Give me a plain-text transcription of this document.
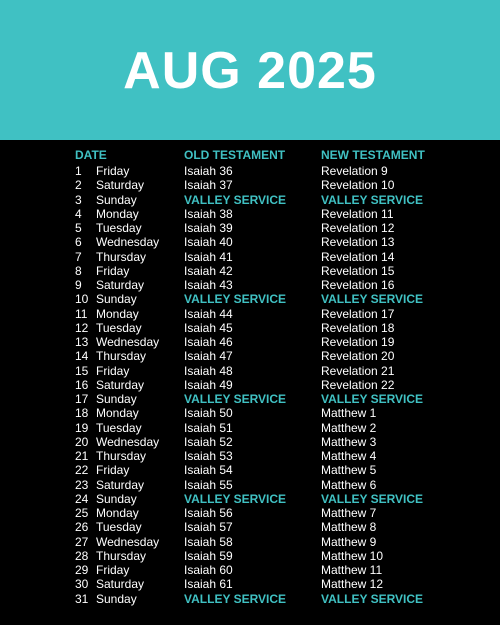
AUG 2025
DATE	OLD TESTAMENT	NEW TESTAMENT
1 Friday	Isaiah 36	Revelation 9
2 Saturday	Isaiah 37	Revelation 10
3 Sunday	VALLEY SERVICE	VALLEY SERVICE
4 Monday	Isaiah 38	Revelation 11
5 Tuesday	Isaiah 39	Revelation 12
6 Wednesday Isaiah 40	Revelation 13
7 Thursday	Isaiah 41	Revelation 14
8 Friday	Isaiah 42	Revelation 15
9 Saturday	Isaiah 43	Revelation 16
10 Sunday	VALLEY SERVICE	VALLEY SERVICE
11 Monday	Isaiah 44	Revelation 17
12 Tuesday	Isaiah 45	Revelation 18
13 Wednesday Isaiah 46	Revelation 19
14 Thursday	Isaiah 47	Revelation 20
15 Friday	Isaiah 48	Revelation 21
16 Saturday	Isaiah 49	Revelation 22
17 Sunday	VALLEY SERVICE	VALLEY SERVICE
18 Monday	Isaiah 50	Matthew 1
19 Tuesday	Isaiah 51	Matthew 2
20 Wednesday Isaiah 52	Matthew 3
21 Thursday	Isaiah 53	Matthew 4
22 Friday	Isaiah 54	Matthew 5
23 Saturday	Isaiah 55	Matthew 6
24 Sunday	VALLEY SERVICE	VALLEY SERVICE
25 Monday	Isaiah 56	Matthew 7
26 Tuesday	Isaiah 57	Matthew 8
27 Wednesday Isaiah 58	Matthew 9
28 Thursday	Isaiah 59	Matthew 10
29 Friday	Isaiah 60	Matthew 11
30 Saturday	Isaiah 61	Matthew 12
31 Sunday	VALLEY SERVICE	VALLEY SERVICE
